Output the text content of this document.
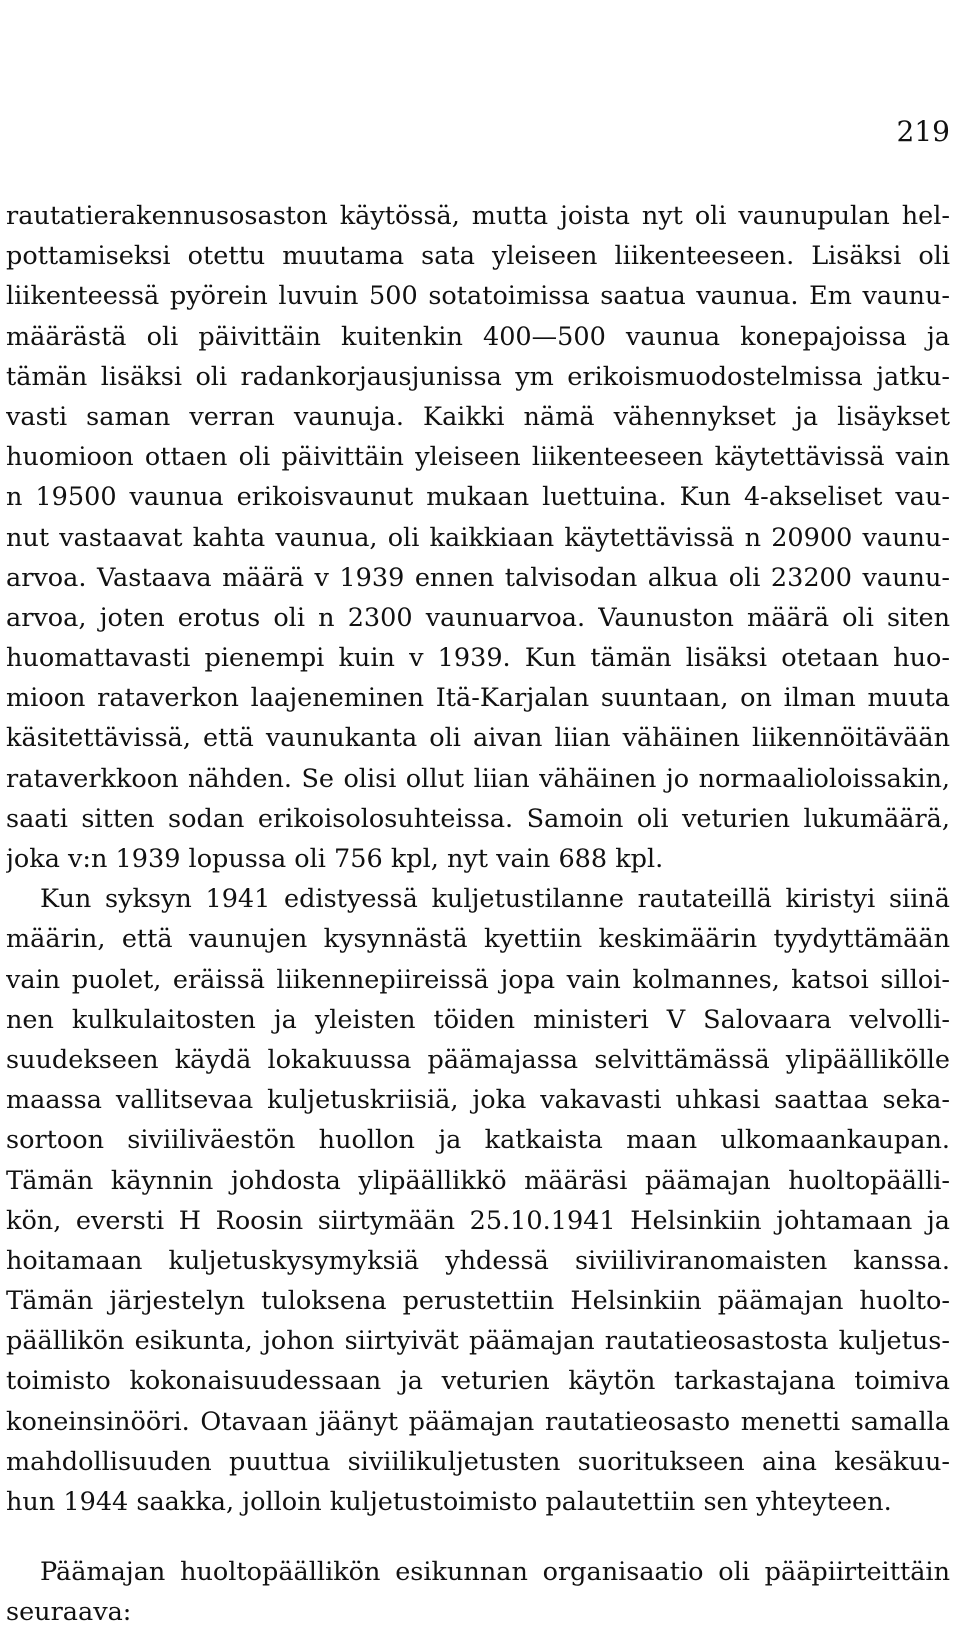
219
rautatierakennusosaston käytössä, mutta joista nyt oli vaunupulan hel-
pottamiseksi otettu muutama sata yleiseen liikenteeseen. Lisäksi oli
liikenteessä pyörein luvuin 500 sotatoimissa saatua vaunua. Em vaunu-
määrästä oli päivittäin kuitenkin 400—500 vaunua konepajoissa ja
tämän lisäksi oli radankorjausjunissa ym erikoismuodostelmissa jatku-
vasti saman verran vaunuja. Kaikki nämä vähennykset ja lisäykset
huomioon ottaen oli päivittäin yleiseen liikenteeseen käytettävissä vain
n 19500 vaunua erikoisvaunut mukaan luettuina. Kun 4-akseliset vau-
nut vastaavat kahta vaunua, oli kaikkiaan käytettävissä n 20900 vaunu-
arvoa. Vastaava määrä v 1939 ennen talvisodan alkua oli 23200 vaunu-
arvoa, joten erotus oli n 2300 vaunuarvoa. Vaunuston määrä oli siten
huomattavasti pienempi kuin v 1939. Kun tämän lisäksi otetaan huo-
mioon rataverkon laajeneminen Itä-Karjalan suuntaan, on ilman muuta
käsitettävissä, että vaunukanta oli aivan liian vähäinen liikennöitävään
rataverkkoon nähden. Se olisi ollut liian vähäinen jo normaalioloissakin,
saati sitten sodan erikoisolosuhteissa. Samoin oli veturien lukumäärä,
joka v:n 1939 lopussa oli 756 kpl, nyt vain 688 kpl.
Kun syksyn 1941 edistyessä kuljetustilanne rautateillä kiristyi siinä
määrin, että vaunujen kysynnästä kyettiin keskimäärin tyydyttämään
vain puolet, eräissä liikennepiireissä jopa vain kolmannes, katsoi silloi-
nen kulkulaitosten ja yleisten töiden ministeri V Salovaara velvolli-
suudekseen käydä lokakuussa päämajassa selvittämässä ylipäällikölle
maassa vallitsevaa kuljetuskriisiä, joka vakavasti uhkasi saattaa seka-
sortoon siviiliväestön huollon ja katkaista maan ulkomaankaupan.
Tämän käynnin johdosta ylipäällikkö määräsi päämajan huoltopäälli-
kön, eversti H Roosin siirtymään 25.10.1941 Helsinkiin johtamaan ja
hoitamaan kuljetuskysymyksiä yhdessä siviiliviranomaisten kanssa.
Tämän järjestelyn tuloksena perustettiin Helsinkiin päämajan huolto-
päällikön esikunta, johon siirtyivät päämajan rautatieosastosta kuljetus-
toimisto kokonaisuudessaan ja veturien käytön tarkastajana toimiva
koneinsinööri. Otavaan jäänyt päämajan rautatieosasto menetti samalla
mahdollisuuden puuttua siviilikuljetusten suoritukseen aina kesäkuu-
hun 1944 saakka, jolloin kuljetustoimisto palautettiin sen yhteyteen.
Päämajan huoltopäällikön esikunnan organisaatio oli pääpiirteittäin
seuraava:
